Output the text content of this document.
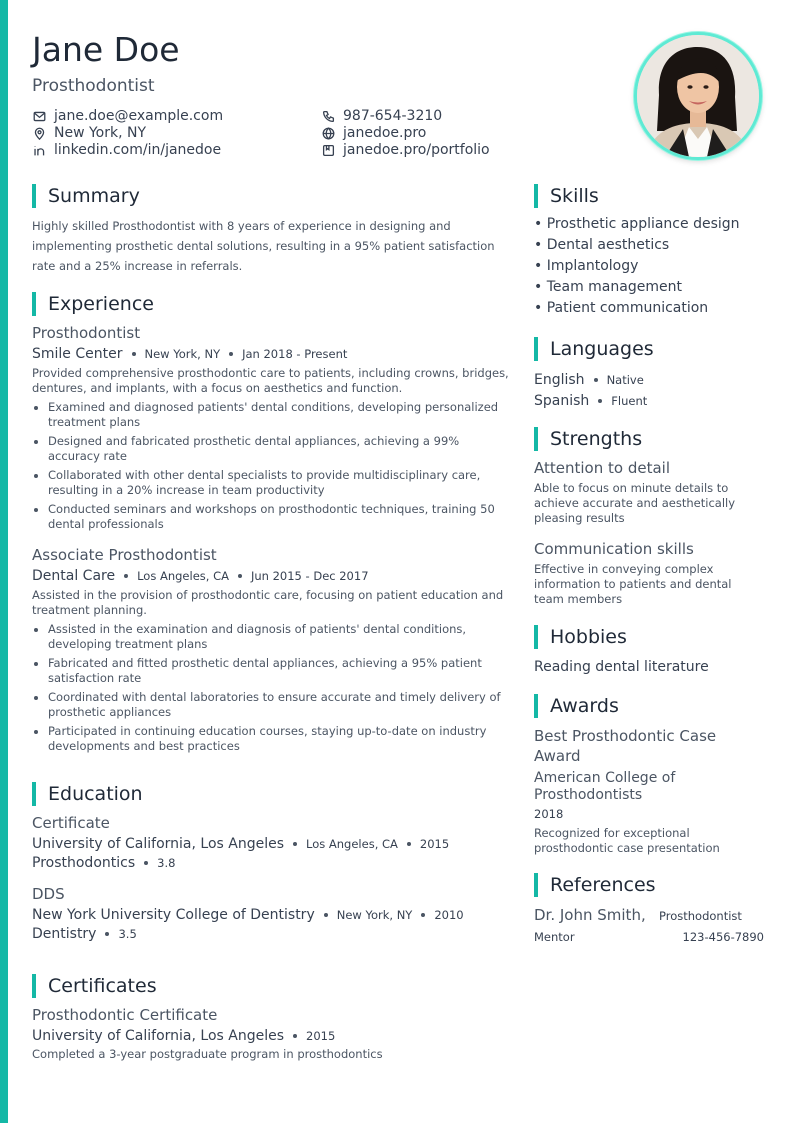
Jane Doe
Prosthodontist
jane.doe@example.com	987-654-3210
New York, NY	janedoe.pro
linkedin.com/in/janedoe	janedoe.pro/portfolio
Summary
Highly skilled Prosthodontist with 8 years of experience in designing and implementing prosthetic dental solutions, resulting in a 95% patient satisfaction rate and a 25% increase in referrals.
Experience
Prosthodontist
Smile Center New York, NY Jan 2018 - Present
Provided comprehensive prosthodontic care to patients, including crowns, bridges, dentures, and implants, with a focus on aesthetics and function.
Examined and diagnosed patients' dental conditions, developing personalized treatment plans
Designed and fabricated prosthetic dental appliances, achieving a 99% accuracy rate
Collaborated with other dental specialists to provide multidisciplinary care, resulting in a 20% increase in team productivity
Conducted seminars and workshops on prosthodontic techniques, training 50 dental professionals
Associate Prosthodontist
Dental Care Los Angeles, CA Jun 2015 - Dec 2017
Assisted in the provision of prosthodontic care, focusing on patient education and treatment planning.
Assisted in the examination and diagnosis of patients' dental conditions, developing treatment plans
Fabricated and fitted prosthetic dental appliances, achieving a 95% patient satisfaction rate
Coordinated with dental laboratories to ensure accurate and timely delivery of prosthetic appliances
Participated in continuing education courses, staying up-to-date on industry developments and best practices
Education
Certificate
University of California, Los Angeles Los Angeles, CA 2015
Prosthodontics 3.8
DDS
New York University College of Dentistry New York, NY 2010
Dentistry 3.5
Certificates
Prosthodontic Certificate
University of California, Los Angeles 2015
Completed a 3-year postgraduate program in prosthodontics
Skills
• Prosthetic appliance design
• Dental aesthetics
• Implantology
• Team management
• Patient communication
Languages
English Native
Spanish Fluent
Strengths
Attention to detail
Able to focus on minute details to achieve accurate and aesthetically pleasing results
Communication skills
Effective in conveying complex information to patients and dental team members
Hobbies
Reading dental literature
Awards
Best Prosthodontic Case Award
American College of Prosthodontists
2018
Recognized for exceptional prosthodontic case presentation
References
Dr. John Smith, Prosthodontist
Mentor	123-456-7890
